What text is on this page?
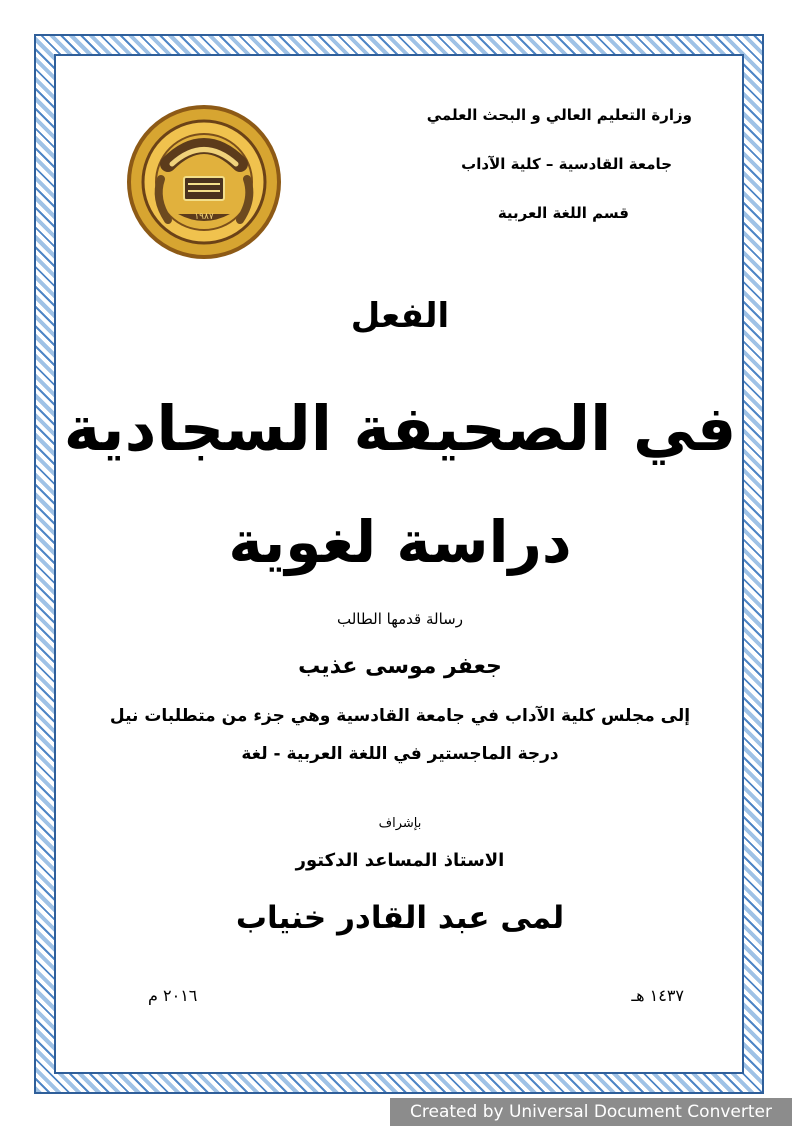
١٩٨٧
وزارة التعليم العالي و البحث العلمي
جامعة القادسية – كلية الآداب
قسم اللغة العربية
الفعل
في الصحيفة السجادية
دراسة لغوية
رسالة قدمها الطالب
جعفر موسى عذيب
إلى مجلس كلية الآداب في جامعة القادسية وهي جزء من متطلبات نيل
درجة الماجستير في اللغة العربية - لغة
بإشراف
الاستاذ المساعد الدكتور
لمى عبد القادر خنياب
١٤٣٧ هـ
٢٠١٦ م
Created by Universal Document Converter
